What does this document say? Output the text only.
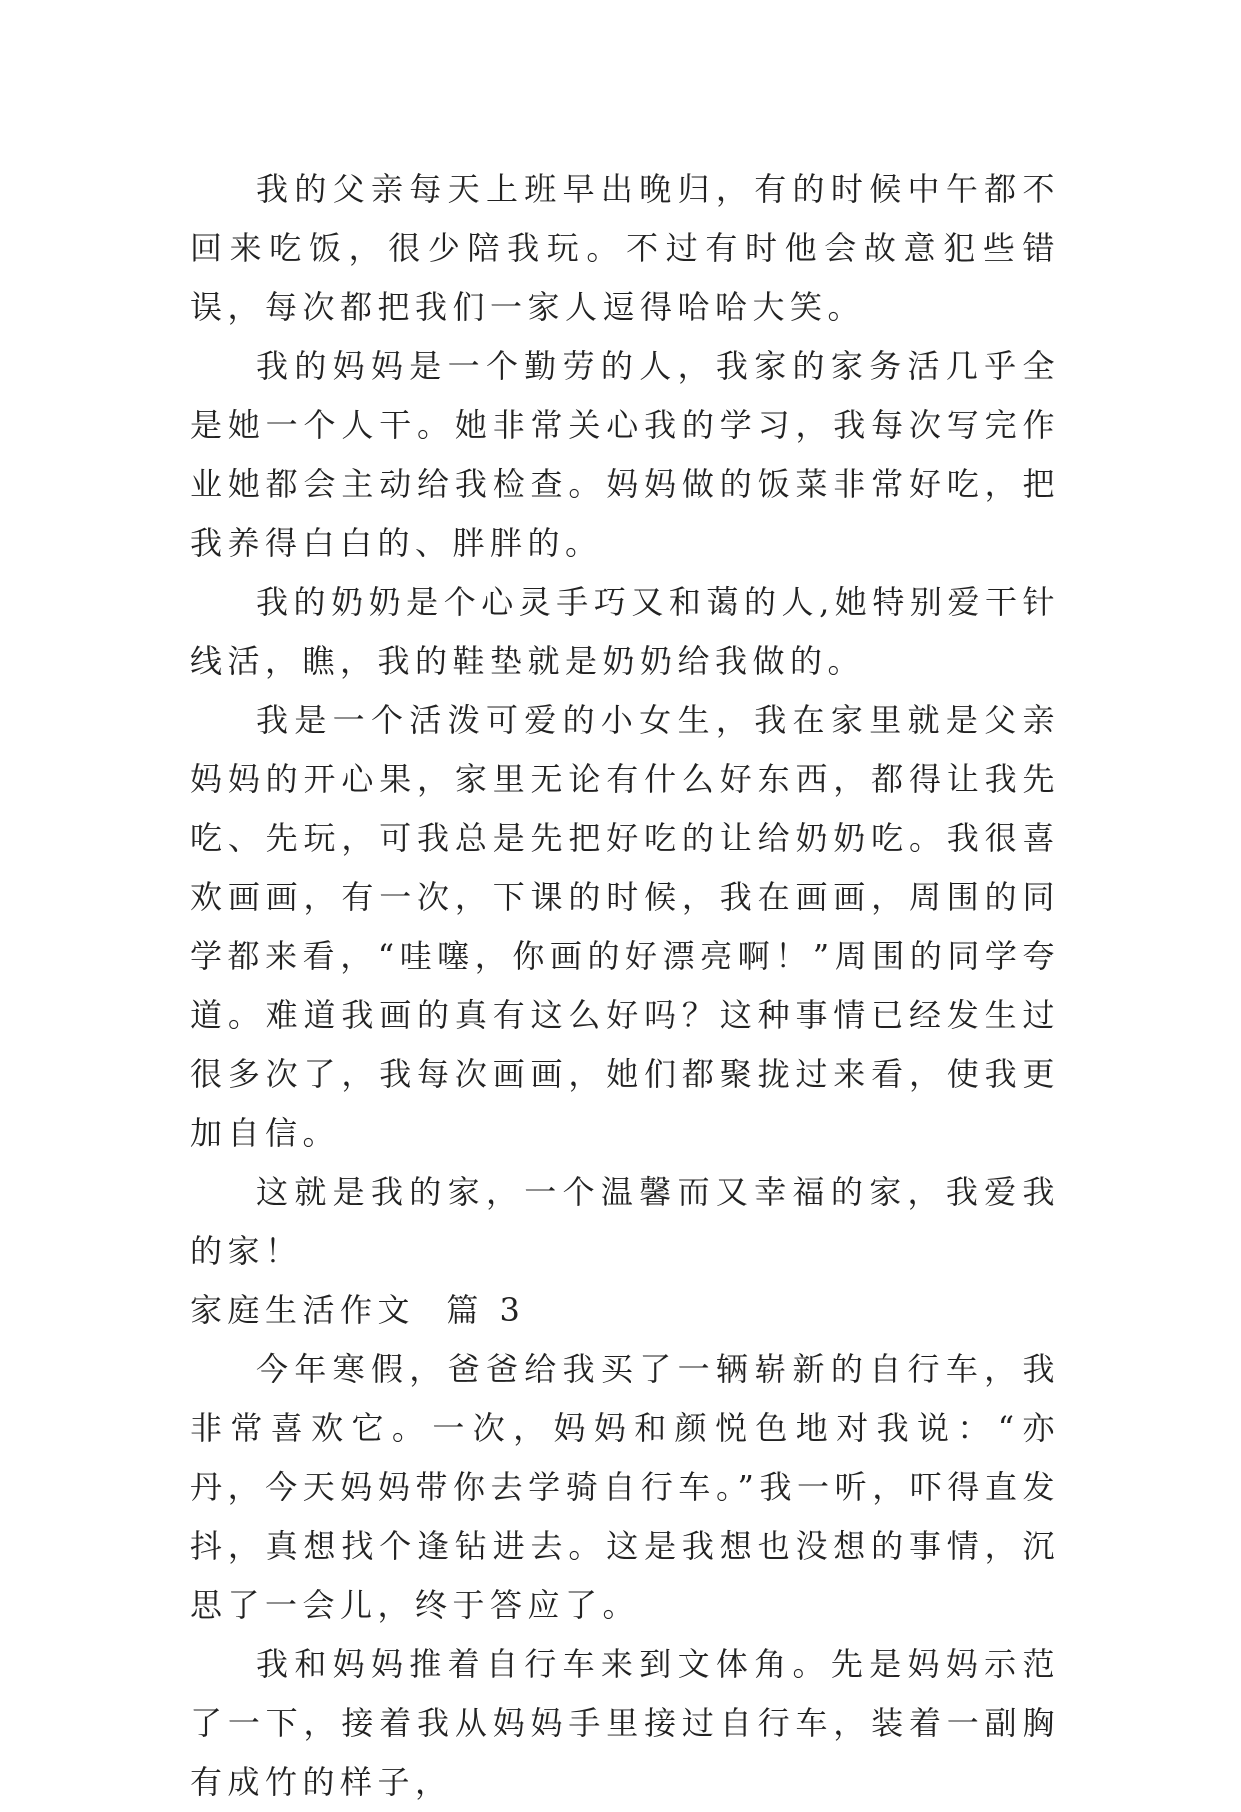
我的父亲每天上班早出晚归，有的时候中午都不回来吃饭，很少陪我玩。不过有时他会故意犯些错误，每次都把我们一家人逗得哈哈大笑。

我的妈妈是一个勤劳的人，我家的家务活几乎全是她一个人干。她非常关心我的学习，我每次写完作业她都会主动给我检查。妈妈做的饭菜非常好吃，把我养得白白的、胖胖的。

我的奶奶是个心灵手巧又和蔼的人,她特别爱干针线活，瞧，我的鞋垫就是奶奶给我做的。

我是一个活泼可爱的小女生，我在家里就是父亲妈妈的开心果，家里无论有什么好东西，都得让我先吃、先玩，可我总是先把好吃的让给奶奶吃。我很喜欢画画，有一次，下课的时候，我在画画，周围的同学都来看，“哇噻，你画的好漂亮啊！”周围的同学夸道。难道我画的真有这么好吗？这种事情已经发生过很多次了，我每次画画，她们都聚拢过来看，使我更加自信。

这就是我的家，一个温馨而又幸福的家，我爱我的家！

家庭生活作文  篇 3

今年寒假，爸爸给我买了一辆崭新的自行车，我非常喜欢它。一次，妈妈和颜悦色地对我说：“亦丹，今天妈妈带你去学骑自行车。”我一听，吓得直发抖，真想找个逢钻进去。这是我想也没想的事情，沉思了一会儿，终于答应了。

我和妈妈推着自行车来到文体角。先是妈妈示范了一下，接着我从妈妈手里接过自行车，装着一副胸有成竹的样子，
